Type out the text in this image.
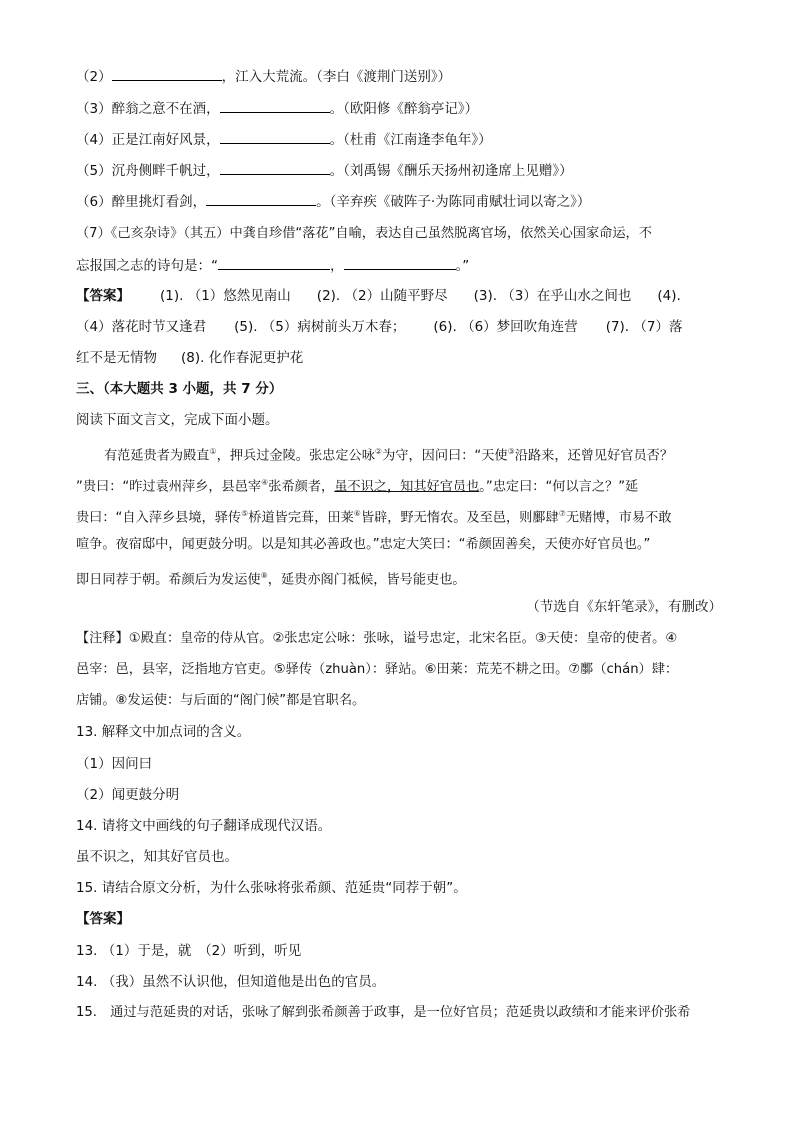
（2）	，江入大荒流。（李白《渡荆门送别》）
（3）醉翁之意不在酒，	。（欧阳修《醉翁亭记》）
（4）正是江南好风景，	。（杜甫《江南逢李龟年》）
（5）沉舟侧畔千帆过，	。（刘禹锡《酬乐天扬州初逢席上见赠》）
（6）醉里挑灯看剑，	。（辛弃疾《破阵子·为陈同甫赋壮词以寄之》）
（7）《己亥杂诗》（其五）中龚自珍借“落花”自喻，表达自己虽然脱离官场，依然关心国家命运，不
忘报国之志的诗句是：“	，	。”
【答案】 (1). （1）悠然见南山 (2). （2）山随平野尽 (3). （3）在乎山水之间也 (4).
（4）落花时节又逢君 (5). （5）病树前头万木春； (6). （6）梦回吹角连营 (7). （7）落
红不是无情物 (8). 化作春泥更护花
三、（本大题共 3 小题，共 7 分）
阅读下面文言文，完成下面小题。
有范延贵者为殿直①，押兵过金陵。张忠定公咏②为守，因问曰：“天使③沿路来，还曾见好官员否？
”贵曰：“昨过袁州萍乡，县邑宰④张希颜者，虽不识之，知其好官员也。”忠定曰：“何以言之？”延
贵曰：“自入萍乡县境，驿传⑤桥道皆完葺，田莱⑥皆辟，野无惰农。及至邑，则鄽肆⑦无赌博，市易不敢
喧争。夜宿邸中，闻更鼓分明。以是知其必善政也。”忠定大笑曰：“希颜固善矣，天使亦好官员也。”
即日同荐于朝。希颜后为发运使⑧，延贵亦阁门祗候，皆号能吏也。
（节选自《东轩笔录》，有删改）
【注释】①殿直：皇帝的侍从官。②张忠定公咏：张咏，谥号忠定，北宋名臣。③天使：皇帝的使者。④
邑宰：邑，县宰，泛指地方官吏。⑤驿传（zhuàn）：驿站。⑥田莱：荒芜不耕之田。⑦鄽（chán）肆：
店铺。⑧发运使：与后面的“阁门候”都是官职名。
13. 解释文中加点词的含义。
（1）因问曰
（2）闻更鼓分明
14. 请将文中画线的句子翻译成现代汉语。
虽不识之，知其好官员也。
15. 请结合原文分析，为什么张咏将张希颜、范延贵“同荐于朝”。
【答案】
13. （1）于是，就　（2）听到，听见
14. （我）虽然不认识他，但知道他是出色的官员。
15.　通过与范延贵的对话，张咏了解到张希颜善于政事，是一位好官员；范延贵以政绩和才能来评价张希
